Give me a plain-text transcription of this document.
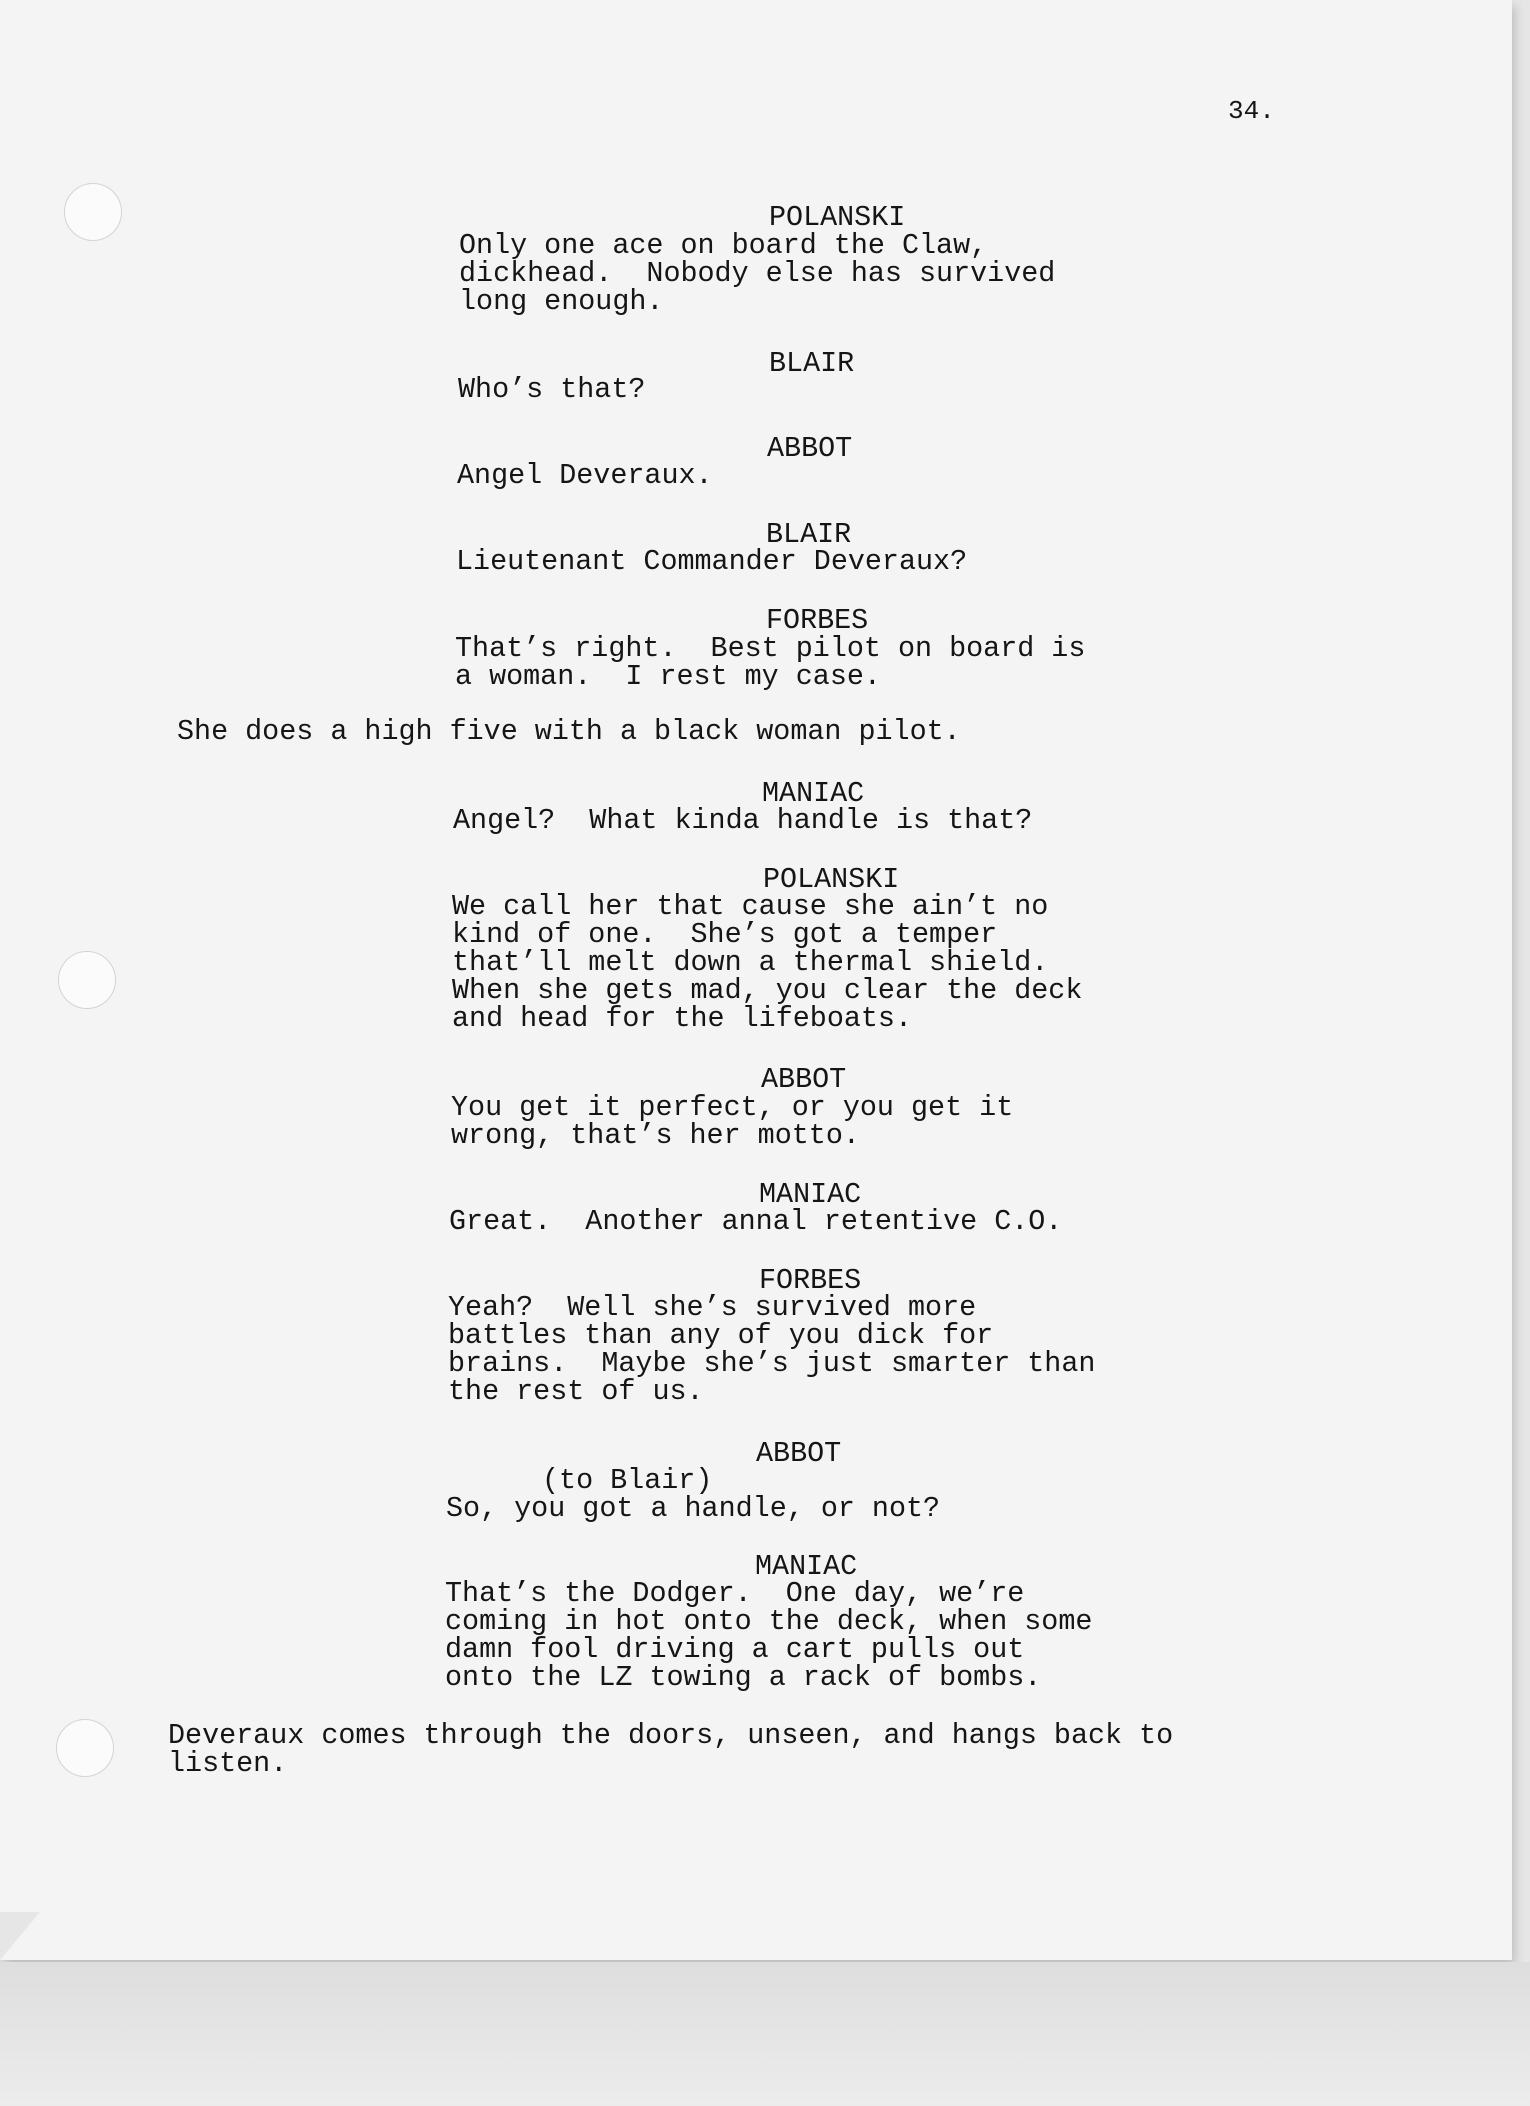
34.

POLANSKI

Only one ace on board the Claw,

dickhead.  Nobody else has survived

long enough.

BLAIR

Who’s that?

ABBOT

Angel Deveraux.

BLAIR

Lieutenant Commander Deveraux?

FORBES

That’s right.  Best pilot on board is

a woman.  I rest my case.

She does a high five with a black woman pilot.

MANIAC

Angel?  What kinda handle is that?

POLANSKI

We call her that cause she ain’t no

kind of one.  She’s got a temper

that’ll melt down a thermal shield.

When she gets mad, you clear the deck

and head for the lifeboats.

ABBOT

You get it perfect, or you get it

wrong, that’s her motto.

MANIAC

Great.  Another annal retentive C.O.

FORBES

Yeah?  Well she’s survived more

battles than any of you dick for

brains.  Maybe she’s just smarter than

the rest of us.

ABBOT

(to Blair)

So, you got a handle, or not?

MANIAC

That’s the Dodger.  One day, we’re

coming in hot onto the deck, when some

damn fool driving a cart pulls out

onto the LZ towing a rack of bombs.

Deveraux comes through the doors, unseen, and hangs back to

listen.
